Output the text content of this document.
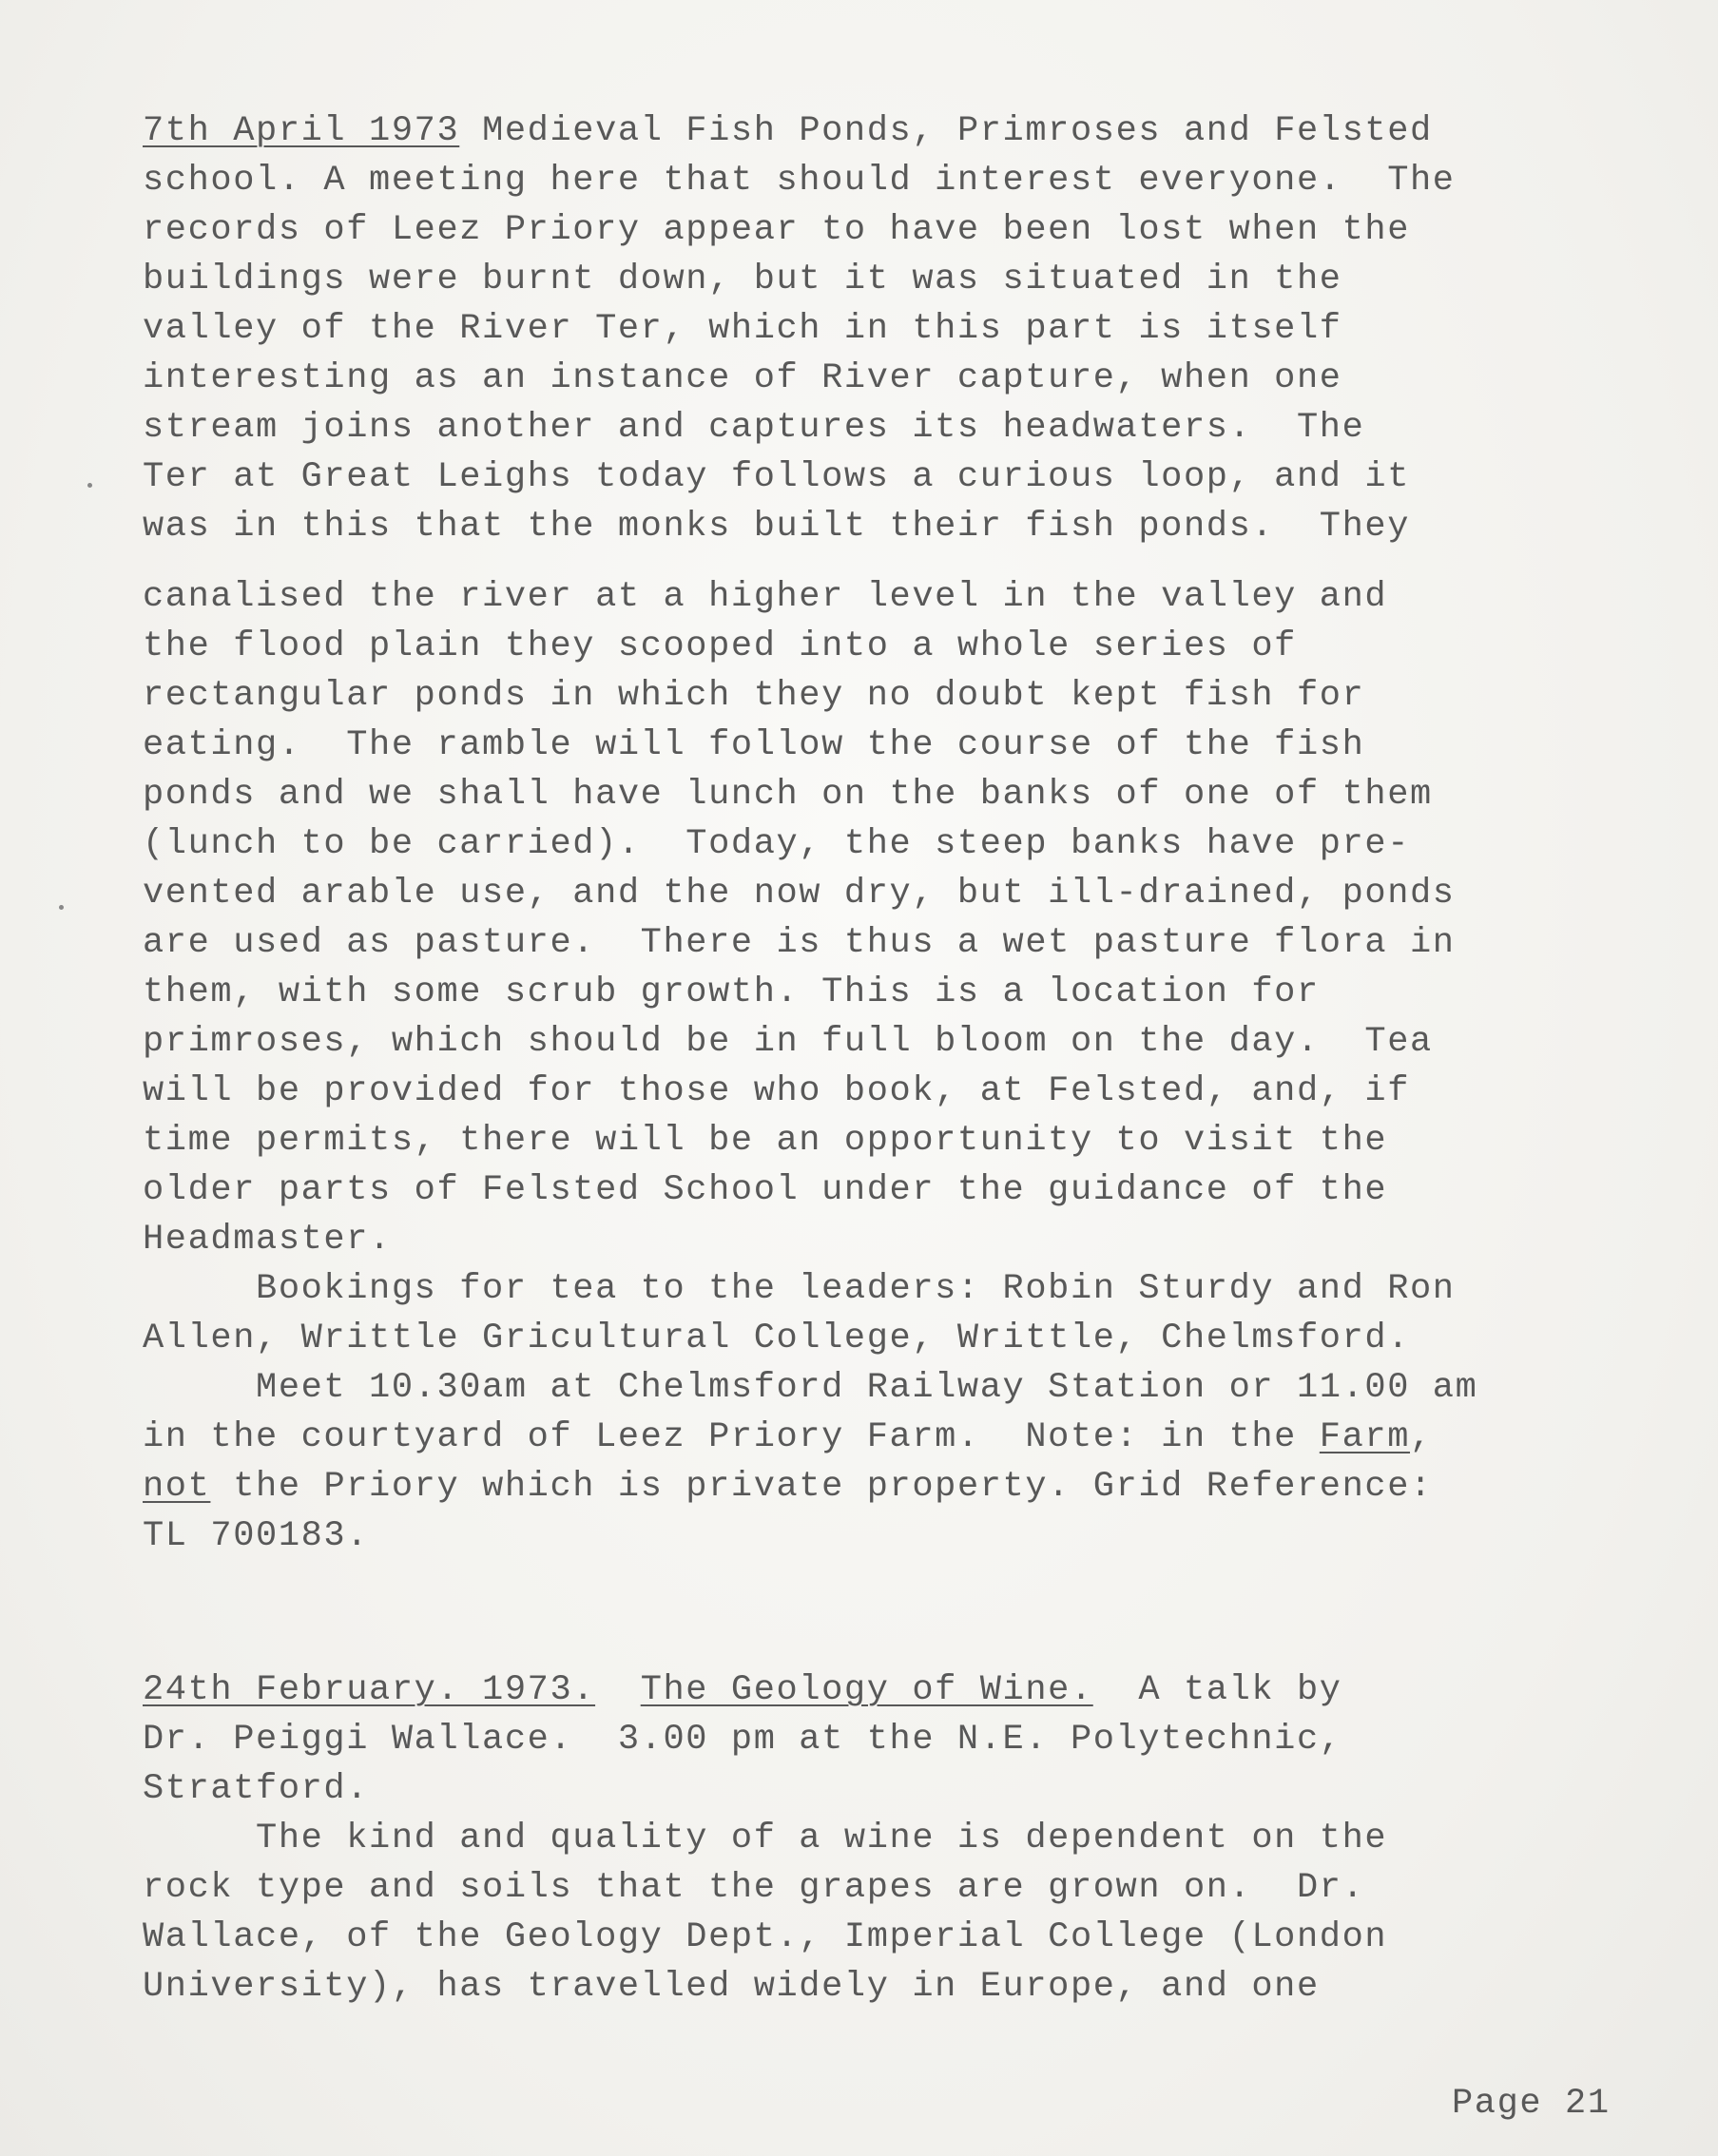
7th April 1973 Medieval Fish Ponds, Primroses and Felsted
school. A meeting here that should interest everyone.  The
records of Leez Priory appear to have been lost when the
buildings were burnt down, but it was situated in the
valley of the River Ter, which in this part is itself
interesting as an instance of River capture, when one
stream joins another and captures its headwaters.  The
Ter at Great Leighs today follows a curious loop, and it
was in this that the monks built their fish ponds.  They
canalised the river at a higher level in the valley and
the flood plain they scooped into a whole series of
rectangular ponds in which they no doubt kept fish for
eating.  The ramble will follow the course of the fish
ponds and we shall have lunch on the banks of one of them
(lunch to be carried).  Today, the steep banks have pre-
vented arable use, and the now dry, but ill-drained, ponds
are used as pasture.  There is thus a wet pasture flora in
them, with some scrub growth. This is a location for
primroses, which should be in full bloom on the day.  Tea
will be provided for those who book, at Felsted, and, if
time permits, there will be an opportunity to visit the
older parts of Felsted School under the guidance of the
Headmaster.
Bookings for tea to the leaders: Robin Sturdy and Ron
Allen, Writtle Gricultural College, Writtle, Chelmsford.
Meet 10.30am at Chelmsford Railway Station or 11.00 am
in the courtyard of Leez Priory Farm.  Note: in the Farm,
not the Priory which is private property. Grid Reference:
TL 700183.
24th February. 1973. The Geology of Wine.  A talk by
Dr. Peiggi Wallace.  3.00 pm at the N.E. Polytechnic,
Stratford.
The kind and quality of a wine is dependent on the
rock type and soils that the grapes are grown on.  Dr.
Wallace, of the Geology Dept., Imperial College (London
University), has travelled widely in Europe, and one
Page 21
